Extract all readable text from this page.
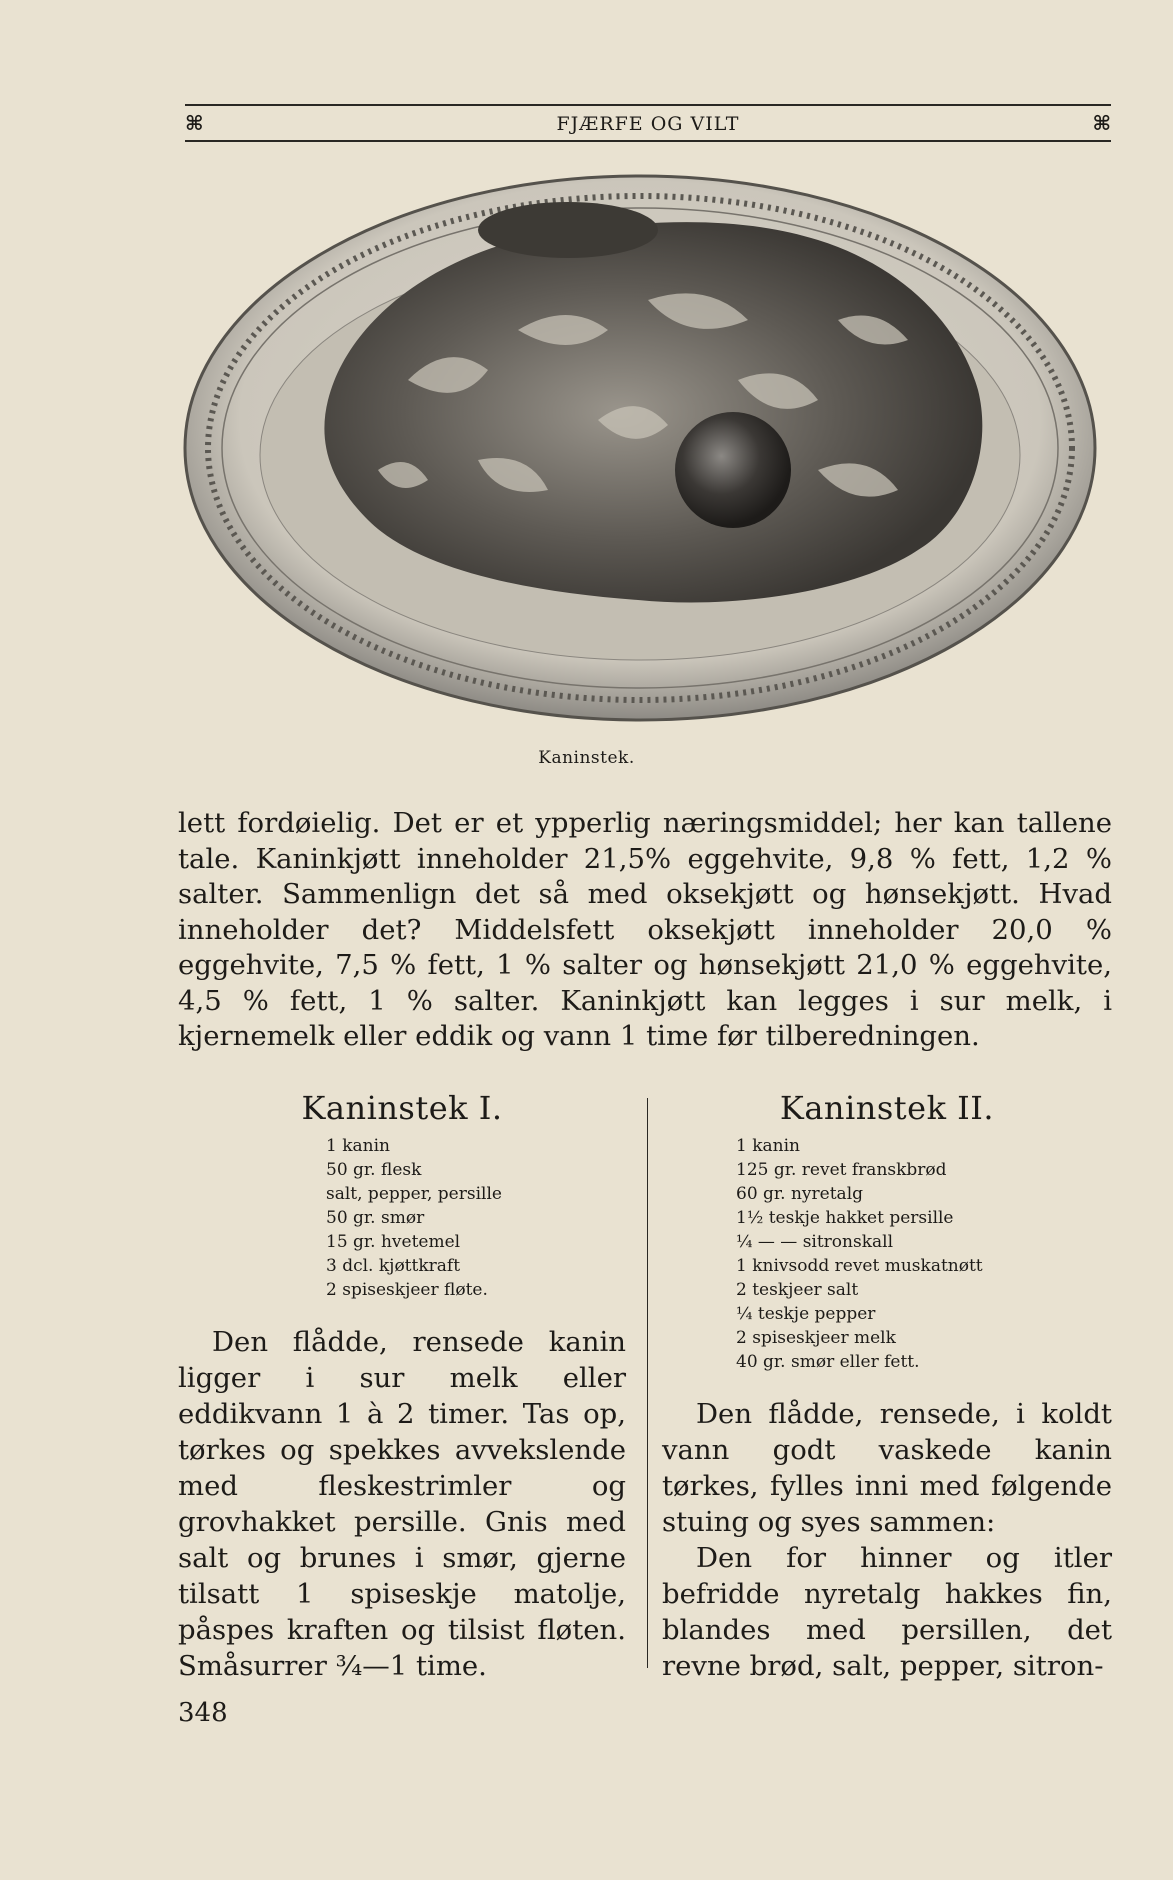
⌘	FJÆRFE OG VILT	⌘
Kaninstek.
lett fordøielig. Det er et ypperlig næringsmiddel; her kan tallene tale. Kaninkjøtt inneholder 21,5% eggehvite, 9,8 % fett, 1,2 % salter. Sammenlign det så med oksekjøtt og hønsekjøtt. Hvad inneholder det? Middelsfett oksekjøtt inneholder 20,0 % eggehvite, 7,5 % fett, 1 % salter og hønsekjøtt 21,0 % eggehvite, 4,5 % fett, 1 % salter. Kaninkjøtt kan legges i sur melk, i kjernemelk eller eddik og vann 1 time før tilberedningen.
Kaninstek I.
1 kanin
50 gr. flesk
salt, pepper, persille
50 gr. smør
15 gr. hvetemel
3 dcl. kjøttkraft
2 spiseskjeer fløte.

Den flådde, rensede kanin ligger i sur melk eller eddikvann 1 à 2 timer. Tas op, tørkes og spekkes avvekslende med fleskestrimler og grovhakket persille. Gnis med salt og brunes i smør, gjerne tilsatt 1 spiseskje matolje, påspes kraften og tilsist fløten. Småsurrer ¾—1 time.

Kaninstek II.
1 kanin
125 gr. revet franskbrød
60 gr. nyretalg
1½ teskje hakket persille
¼ — — sitronskall
1 knivsodd revet muskatnøtt
2 teskjeer salt
¼ teskje pepper
2 spiseskjeer melk
40 gr. smør eller fett.

Den flådde, rensede, i koldt vann godt vaskede kanin tørkes, fylles inni med følgende stuing og syes sammen:

Den for hinner og itler befridde nyretalg hakkes fin, blandes med persillen, det revne brød, salt, pepper, sitron-

348
